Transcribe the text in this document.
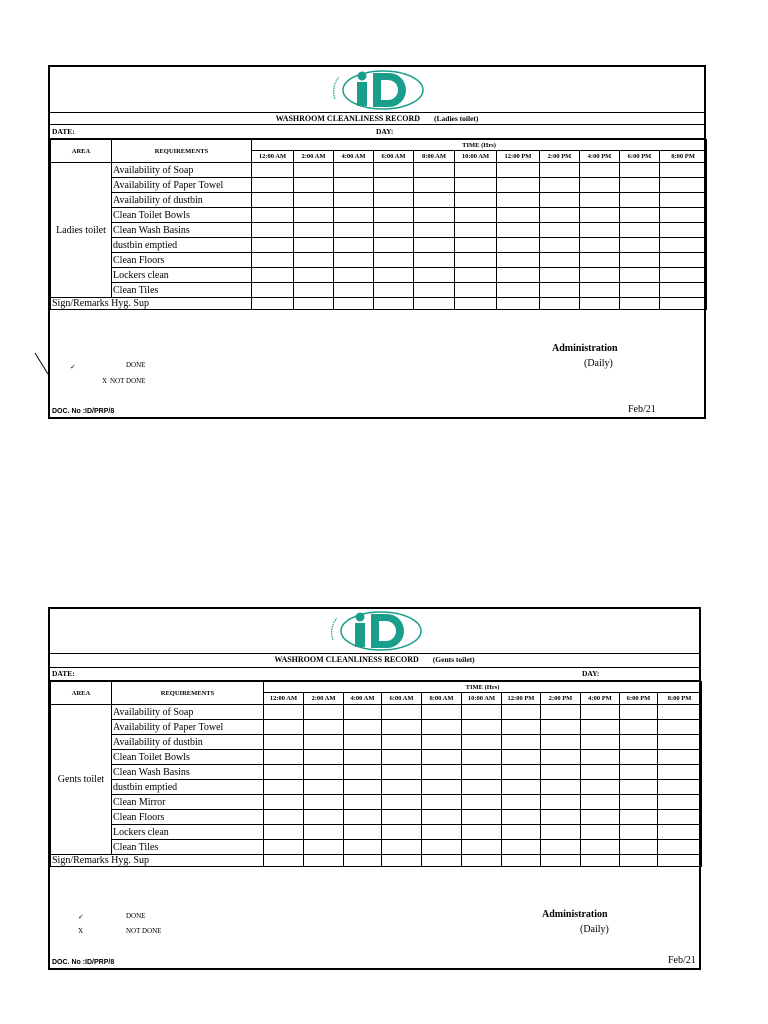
WASHROOM CLEANLINESS RECORD (Ladies toilet)
DATE:	DAY:
AREA	REQUIREMENTS	TIME (Hrs)										
		12:00 AM	2:00 AM	4:00 AM	6:00 AM	8:00 AM	10:00 AM	12:00 PM	2:00 PM	4:00 PM	6:00 PM	8:00 PM
Ladies toilet	Availability of Soap											
	Availability of Paper Towel											
	Availability of dustbin											
	Clean Toilet Bowls											
	Clean Wash Basins											
	dustbin emptied											
	Clean Floors											
	Lockers clean											
	Clean Tiles											
Sign/Remarks Hyg. Sup												
✓	DONE
X NOT DONE
Administration
(Daily)
DOC. No :ID/PRP/8	Feb/21
WASHROOM CLEANLINESS RECORD (Gents toilet)
DATE:	DAY:
AREA	REQUIREMENTS	TIME (Hrs)										
		12:00 AM	2:00 AM	4:00 AM	6:00 AM	8:00 AM	10:00 AM	12:00 PM	2:00 PM	4:00 PM	6:00 PM	8:00 PM
Gents toilet	Availability of Soap											
	Availability of Paper Towel											
	Availability of dustbin											
	Clean Toilet Bowls											
	Clean Wash Basins											
	dustbin emptied											
	Clean Mirror											
	Clean Floors											
	Lockers clean											
	Clean Tiles											
Sign/Remarks Hyg. Sup												
✓	DONE
X	NOT DONE
Administration
(Daily)
DOC. No :ID/PRP/8	Feb/21
